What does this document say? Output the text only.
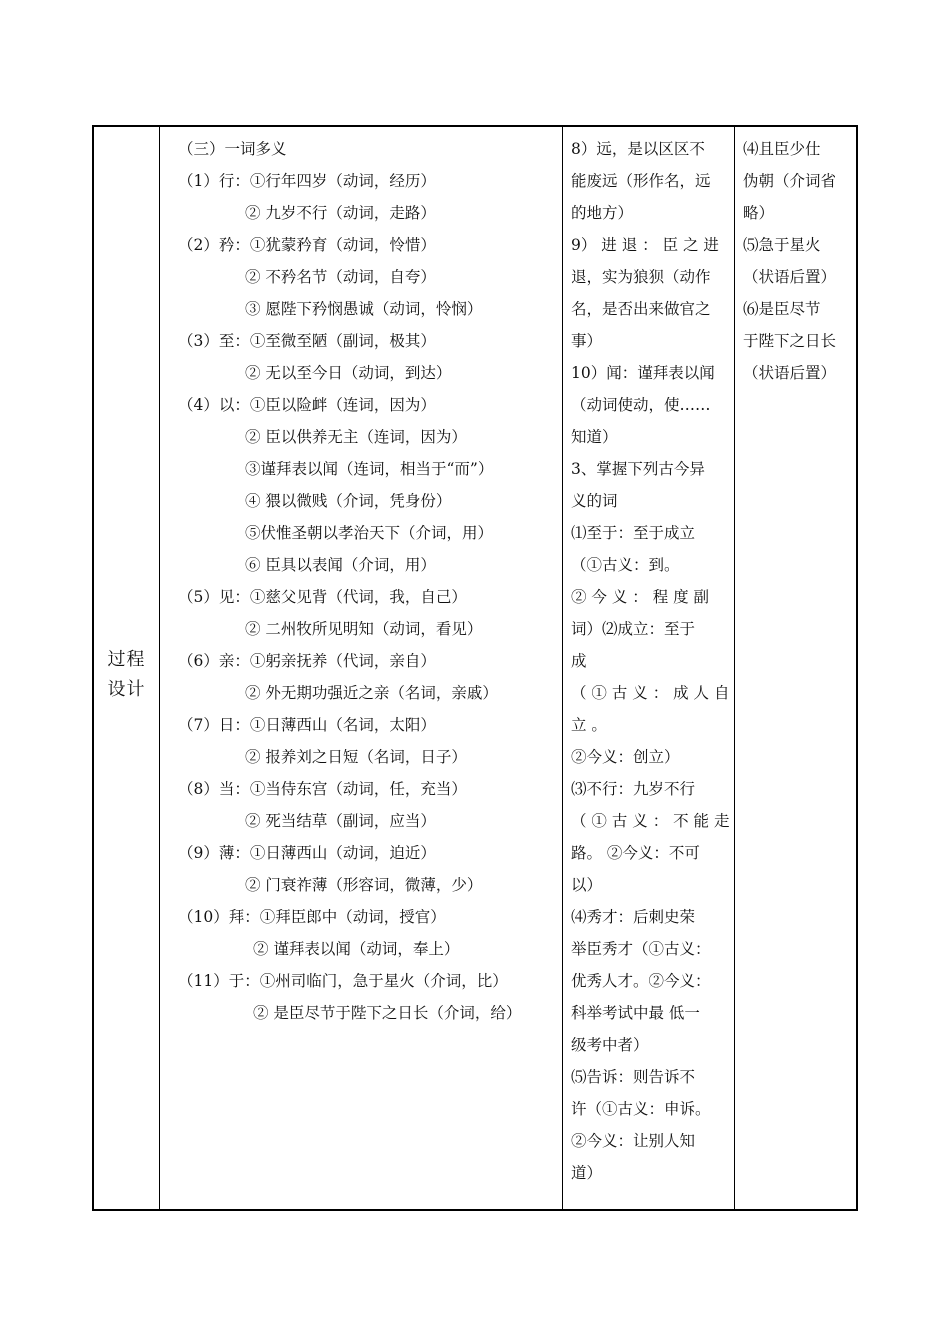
过程
设计
（三）一词多义
（1）行：①行年四岁（动词，经历）
② 九岁不行（动词，走路）
（2）矜：①犹蒙矜育（动词，怜惜）
② 不矜名节（动词，自夸）
③ 愿陛下矜悯愚诚（动词，怜悯）
（3）至：①至微至陋（副词，极其）
② 无以至今日（动词，到达）
（4）以：①臣以险衅（连词，因为）
② 臣以供养无主（连词，因为）
③谨拜表以闻（连词，相当于“而”）
④ 猥以微贱（介词，凭身份）
⑤伏惟圣朝以孝治天下（介词，用）
⑥ 臣具以表闻（介词，用）
（5）见：①慈父见背（代词，我，自己）
② 二州牧所见明知（动词，看见）
（6）亲：①躬亲抚养（代词，亲自）
② 外无期功强近之亲（名词，亲戚）
（7）日：①日薄西山（名词，太阳）
② 报养刘之日短（名词，日子）
（8）当：①当侍东宫（动词，任，充当）
② 死当结草（副词，应当）
（9）薄：①日薄西山（动词，迫近）
② 门衰祚薄（形容词，微薄，少）
（10）拜：①拜臣郎中（动词，授官）
② 谨拜表以闻（动词，奉上）
（11）于：①州司临门，急于星火（介词，比）
② 是臣尽节于陛下之日长（介词，给）
8）远，是以区区不
能废远（形作名，远
的地方）
9） 进 退 ： 臣 之 进
退，实为狼狈（动作
名，是否出来做官之
事）
10）闻：谨拜表以闻
（动词使动，使……
知道）
3、掌握下列古今异
义的词
⑴至于：至于成立
（①古义：到。
② 今 义 ： 程 度 副
词）⑵成立：至于
成
（ ① 古 义 ： 成 人 自
立 。
②今义：创立）
⑶不行：九岁不行
（ ① 古 义 ： 不 能 走
路。 ②今义：不可
以）
⑷秀才：后刺史荣
举臣秀才（①古义：
优秀人才。②今义：
科举考试中最 低一
级考中者）
⑸告诉：则告诉不
许（①古义：申诉。
②今义：让别人知
道）
⑷且臣少仕
伪朝（介词省
略）
⑸急于星火
（状语后置）
⑹是臣尽节
于陛下之日长
（状语后置）
